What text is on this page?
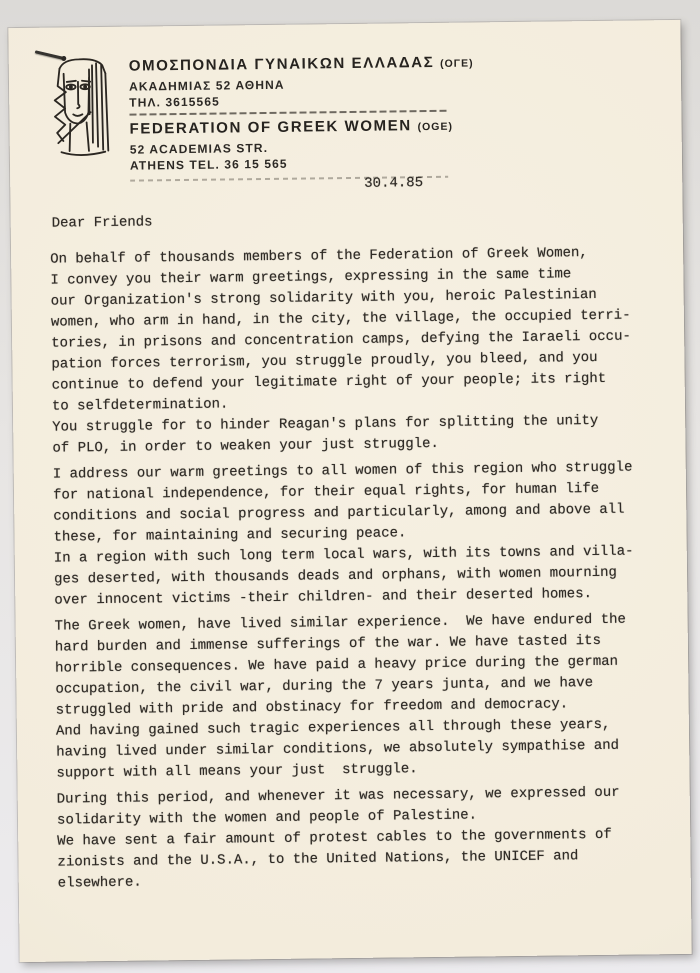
ΟΜΟΣΠΟΝΔΙΑ ΓΥΝΑΙΚΩΝ ΕΛΛΑΔΑΣ (ΟΓΕ)
ΑΚΑΔΗΜΙΑΣ 52 ΑΘΗΝΑ
ΤΗΛ. 3615565
FEDERATION OF GREEK WOMEN (OGE)
52 ACADEMIAS STR.
ATHENS TEL. 36 15 565
30.4.85
Dear Friends
On behalf of thousands members of the Federation of Greek Women,
I convey you their warm greetings, expressing in the same time
our Organization's strong solidarity with you, heroic Palestinian
women, who arm in hand, in the city, the village, the occupied terri-
tories, in prisons and concentration camps, defying the Iaraeli occu-
pation forces terrorism, you struggle proudly, you bleed, and you
continue to defend your legitimate right of your people; its right
to selfdetermination.
You struggle for to hinder Reagan's plans for splitting the unity
of PLO, in order to weaken your just struggle.
I address our warm greetings to all women of this region who struggle
for national independence, for their equal rights, for human life
conditions and social progress and particularly, among and above all
these, for maintaining and securing peace.
In a region with such long term local wars, with its towns and villa-
ges deserted, with thousands deads and orphans, with women mourning
over innocent victims -their children- and their deserted homes.
The Greek women, have lived similar experience.  We have endured the
hard burden and immense sufferings of the war. We have tasted its
horrible consequences. We have paid a heavy price during the german
occupation, the civil war, during the 7 years junta, and we have
struggled with pride and obstinacy for freedom and democracy.
And having gained such tragic experiences all through these years,
having lived under similar conditions, we absolutely sympathise and
support with all means your just  struggle.
During this period, and whenever it was necessary, we expressed our
solidarity with the women and people of Palestine.
We have sent a fair amount of protest cables to the governments of
zionists and the U.S.A., to the United Nations, the UNICEF and
elsewhere.
